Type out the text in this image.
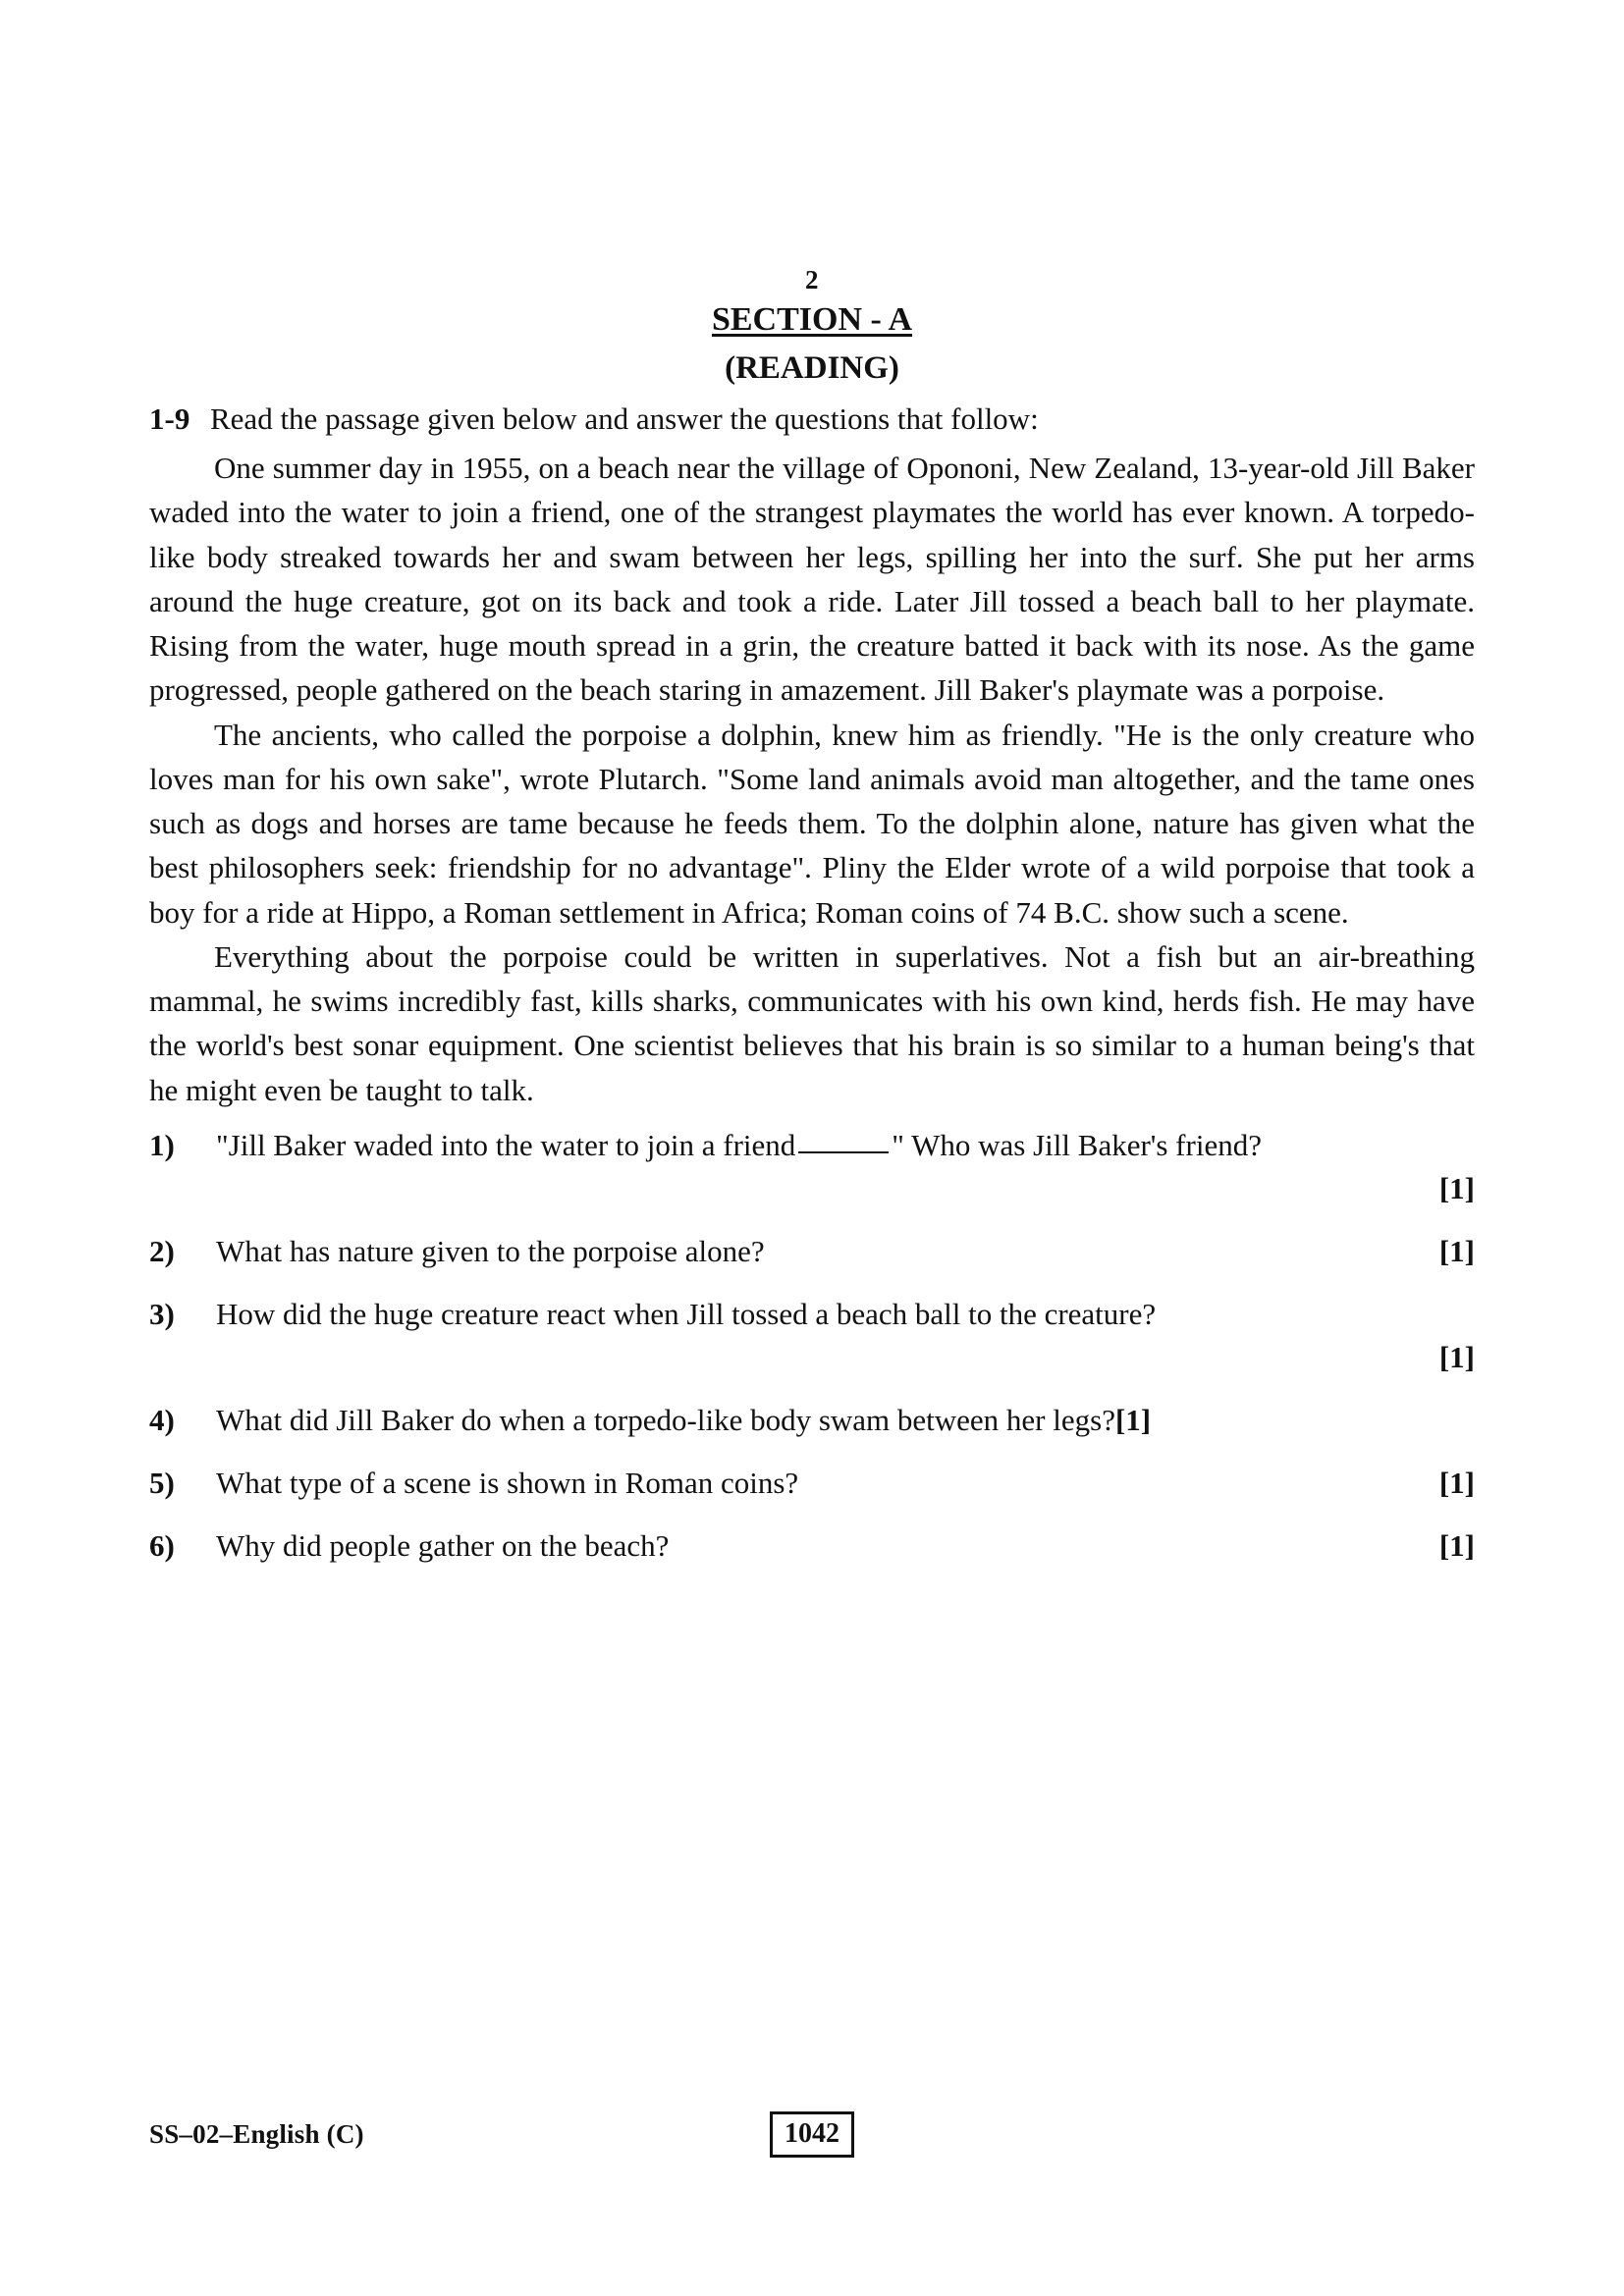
2
SECTION - A
(READING)
1-9 Read the passage given below and answer the questions that follow:

One summer day in 1955, on a beach near the village of Opononi, New Zealand, 13-year-old Jill Baker waded into the water to join a friend, one of the strangest playmates the world has ever known. A torpedo-like body streaked towards her and swam between her legs, spilling her into the surf. She put her arms around the huge creature, got on its back and took a ride. Later Jill tossed a beach ball to her playmate. Rising from the water, huge mouth spread in a grin, the creature batted it back with its nose. As the game progressed, people gathered on the beach staring in amazement. Jill Baker's playmate was a porpoise.

The ancients, who called the porpoise a dolphin, knew him as friendly. "He is the only creature who loves man for his own sake", wrote Plutarch. "Some land animals avoid man altogether, and the tame ones such as dogs and horses are tame because he feeds them. To the dolphin alone, nature has given what the best philosophers seek: friendship for no advantage". Pliny the Elder wrote of a wild porpoise that took a boy for a ride at Hippo, a Roman settlement in Africa; Roman coins of 74 B.C. show such a scene.

Everything about the porpoise could be written in superlatives. Not a fish but an air-breathing mammal, he swims incredibly fast, kills sharks, communicates with his own kind, herds fish. He may have the world's best sonar equipment. One scientist believes that his brain is so similar to a human being's that he might even be taught to talk.

1)	"Jill Baker waded into the water to join a friend	" Who was Jill Baker's friend?
[1]
2)	What has nature given to the porpoise alone?	[1]
3)	How did the huge creature react when Jill tossed a beach ball to the creature?
[1]
4)	What did Jill Baker do when a torpedo-like body swam between her legs?[1]
5)	What type of a scene is shown in Roman coins?	[1]
6)	Why did people gather on the beach?	[1]
SS–02–English (C)	1042
